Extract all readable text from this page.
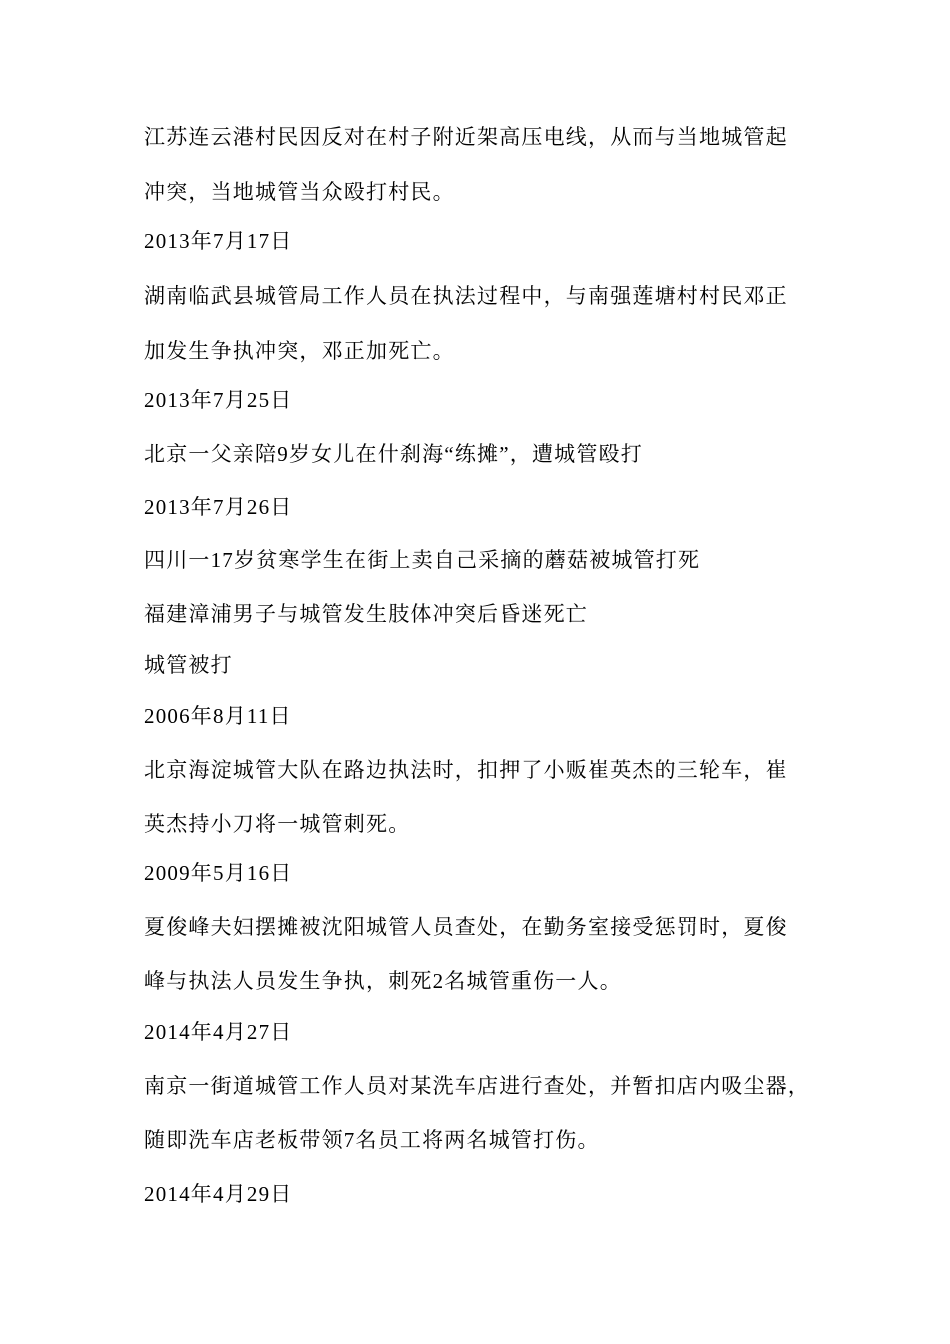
江苏连云港村民因反对在村子附近架高压电线，从而与当地城管起
冲突，当地城管当众殴打村民。
2013年7月17日
湖南临武县城管局工作人员在执法过程中，与南强莲塘村村民邓正
加发生争执冲突，邓正加死亡。
2013年7月25日
北京一父亲陪9岁女儿在什刹海“练摊”，遭城管殴打
2013年7月26日
四川一17岁贫寒学生在街上卖自己采摘的蘑菇被城管打死
福建漳浦男子与城管发生肢体冲突后昏迷死亡
城管被打
2006年8月11日
北京海淀城管大队在路边执法时，扣押了小贩崔英杰的三轮车，崔
英杰持小刀将一城管刺死。
2009年5月16日
夏俊峰夫妇摆摊被沈阳城管人员查处，在勤务室接受惩罚时，夏俊
峰与执法人员发生争执，刺死2名城管重伤一人。
2014年4月27日
南京一街道城管工作人员对某洗车店进行查处，并暂扣店内吸尘器，
随即洗车店老板带领7名员工将两名城管打伤。
2014年4月29日
